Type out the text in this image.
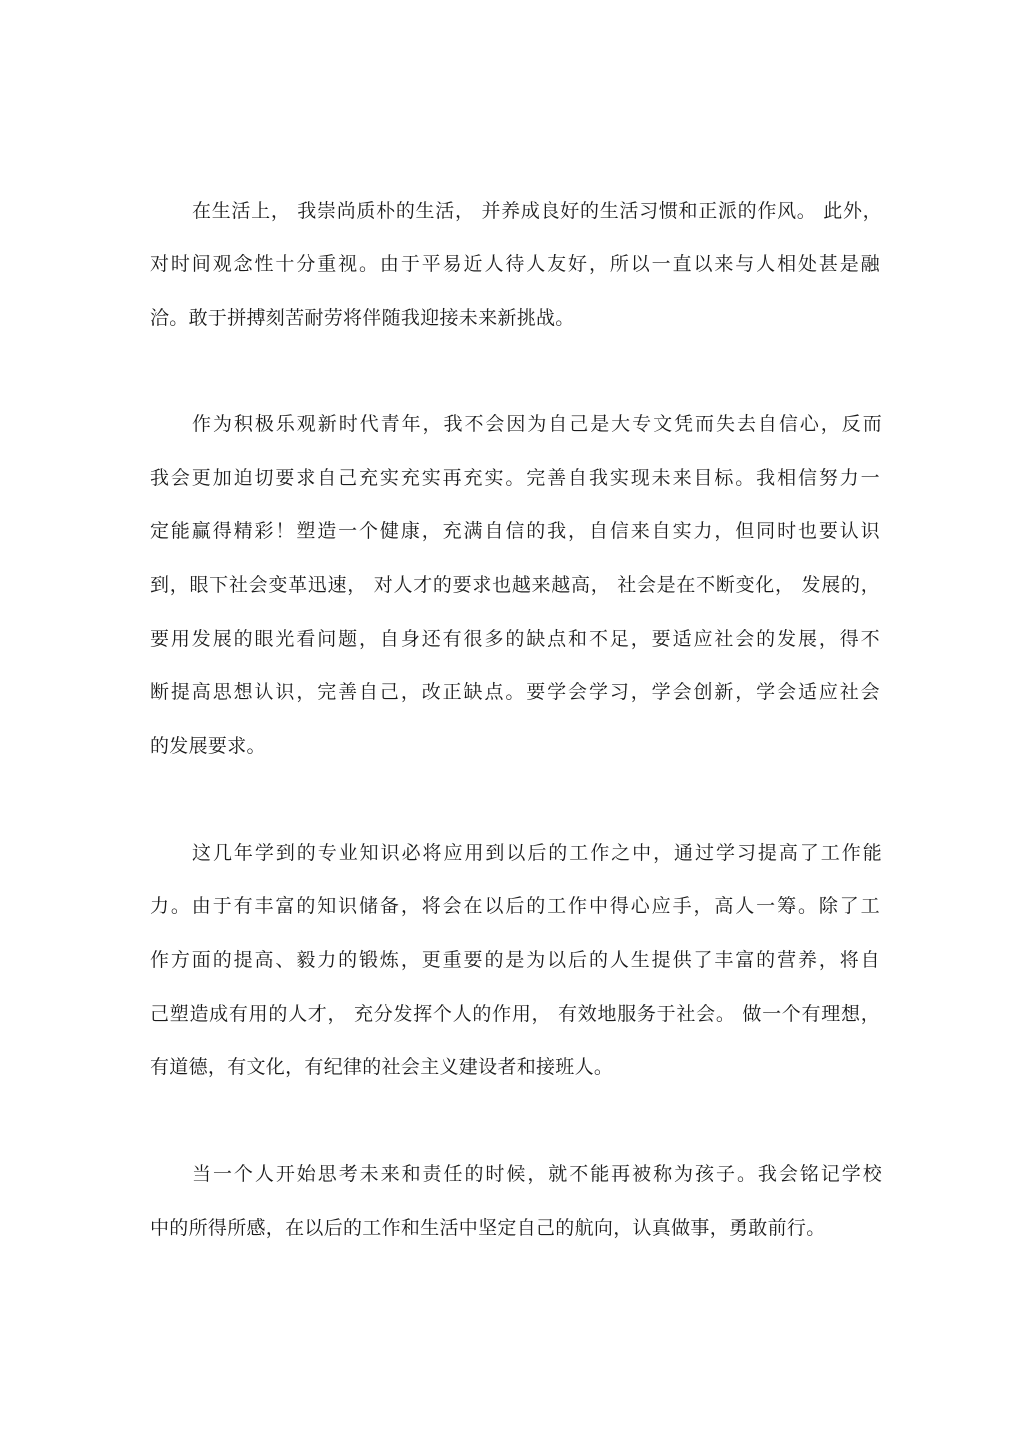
在生活上， 我崇尚质朴的生活， 并养成良好的生活习惯和正派的作风。 此外，
对时间观念性十分重视。由于平易近人待人友好，所以一直以来与人相处甚是融
洽。敢于拼搏刻苦耐劳将伴随我迎接未来新挑战。
作为积极乐观新时代青年，我不会因为自己是大专文凭而失去自信心，反而
我会更加迫切要求自己充实充实再充实。完善自我实现未来目标。我相信努力一
定能赢得精彩！塑造一个健康，充满自信的我，自信来自实力，但同时也要认识
到，眼下社会变革迅速， 对人才的要求也越来越高， 社会是在不断变化， 发展的，
要用发展的眼光看问题，自身还有很多的缺点和不足，要适应社会的发展，得不
断提高思想认识，完善自己，改正缺点。要学会学习，学会创新，学会适应社会
的发展要求。
这几年学到的专业知识必将应用到以后的工作之中，通过学习提高了工作能
力。由于有丰富的知识储备，将会在以后的工作中得心应手，高人一筹。除了工
作方面的提高、毅力的锻炼，更重要的是为以后的人生提供了丰富的营养，将自
己塑造成有用的人才， 充分发挥个人的作用， 有效地服务于社会。 做一个有理想，
有道德，有文化，有纪律的社会主义建设者和接班人。
当一个人开始思考未来和责任的时候，就不能再被称为孩子。我会铭记学校
中的所得所感，在以后的工作和生活中坚定自己的航向，认真做事，勇敢前行。
